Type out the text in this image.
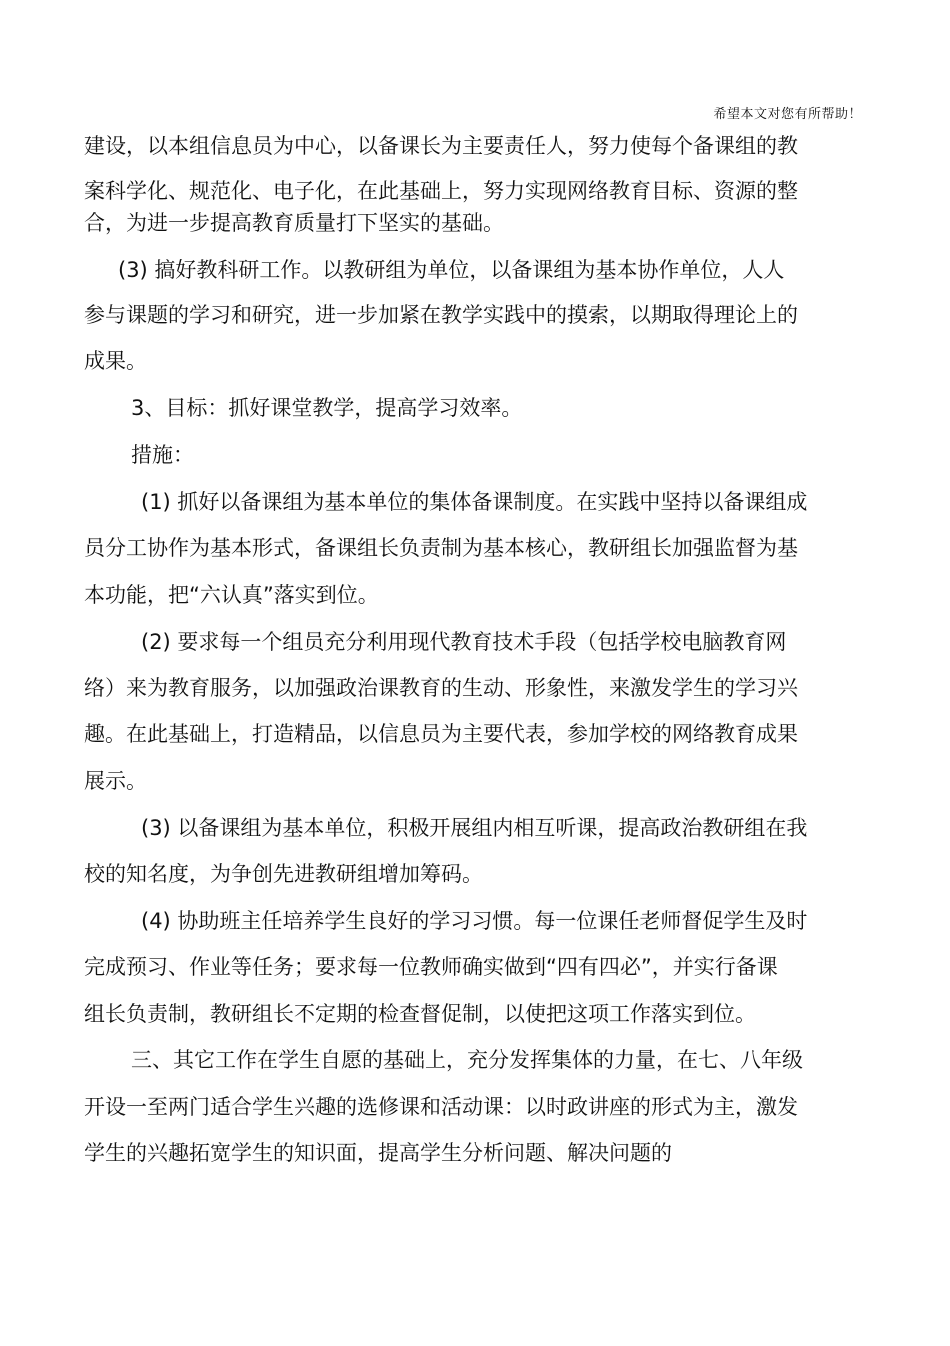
希望本文对您有所帮助！
建设，以本组信息员为中心，以备课长为主要责任人，努力使每个备课组的教
案科学化、规范化、电子化，在此基础上，努力实现网络教育目标、资源的整
合，为进一步提高教育质量打下坚实的基础。
(3) 搞好教科研工作。以教研组为单位，以备课组为基本协作单位，人人
参与课题的学习和研究，进一步加紧在教学实践中的摸索，以期取得理论上的
成果。
3、目标：抓好课堂教学，提高学习效率。
措施：
(1) 抓好以备课组为基本单位的集体备课制度。在实践中坚持以备课组成
员分工协作为基本形式，备课组长负责制为基本核心，教研组长加强监督为基
本功能，把“六认真”落实到位。
(2) 要求每一个组员充分利用现代教育技术手段（包括学校电脑教育网
络）来为教育服务，以加强政治课教育的生动、形象性，来激发学生的学习兴
趣。在此基础上，打造精品，以信息员为主要代表，参加学校的网络教育成果
展示。
(3) 以备课组为基本单位，积极开展组内相互听课，提高政治教研组在我
校的知名度，为争创先进教研组增加筹码。
(4) 协助班主任培养学生良好的学习习惯。每一位课任老师督促学生及时
完成预习、作业等任务；要求每一位教师确实做到“四有四必”，并实行备课
组长负责制，教研组长不定期的检查督促制，以使把这项工作落实到位。
三、其它工作在学生自愿的基础上，充分发挥集体的力量，在七、八年级
开设一至两门适合学生兴趣的选修课和活动课：以时政讲座的形式为主，激发
学生的兴趣拓宽学生的知识面，提高学生分析问题、解决问题的
